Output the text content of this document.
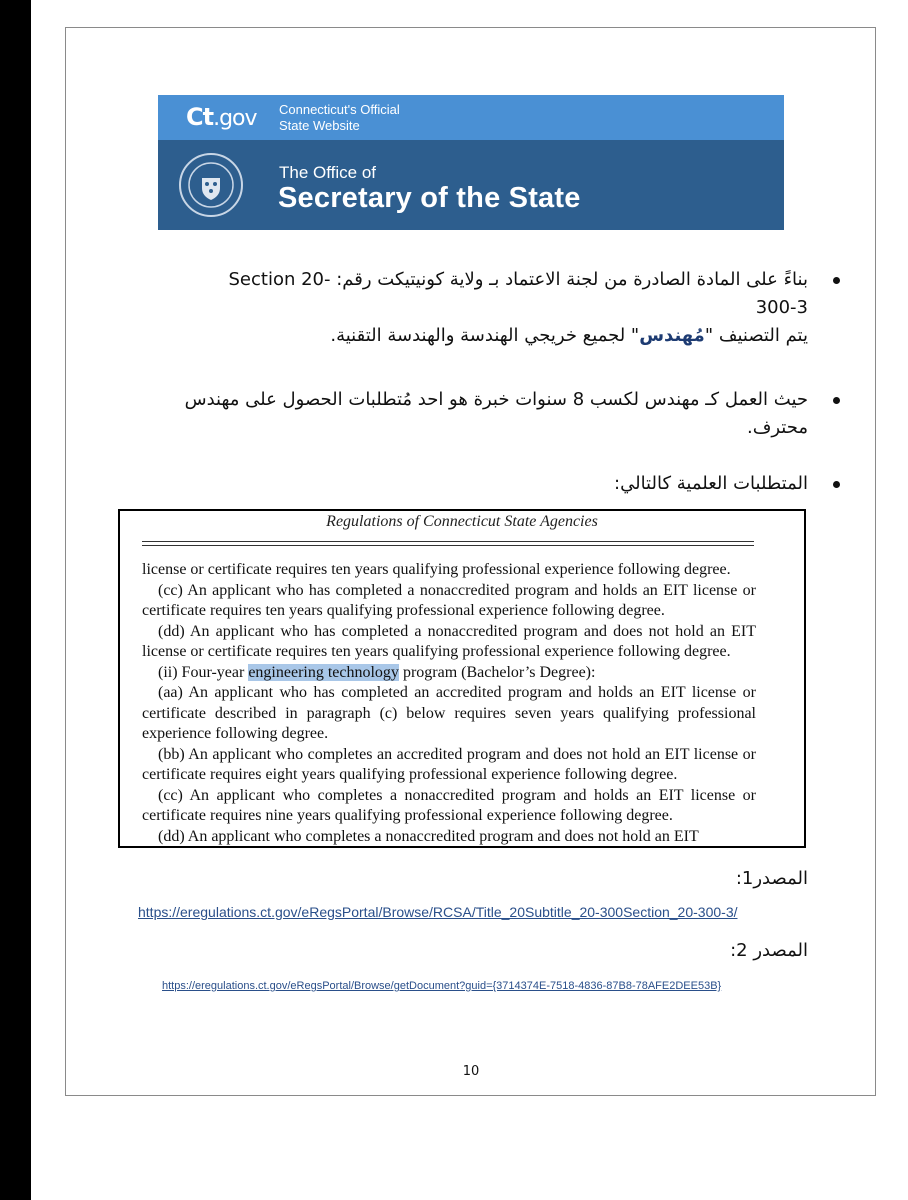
Ct.gov Connecticut's Official
State Website
The Office of
Secretary of the State
بناءً على المادة الصادرة من لجنة الاعتماد بـ ولاية كونيتيكت رقم: Section 20-
300-3
يتم التصنيف "مُهندس" لجميع خريجي الهندسة والهندسة التقنية.
حيث العمل كـ مهندس لكسب 8 سنوات خبرة هو احد مُتطلبات الحصول على مهندس محترف.
المتطلبات العلمية كالتالي:
Regulations of Connecticut State Agencies

license or certificate requires ten years qualifying professional experience following degree.

(cc) An applicant who has completed a nonaccredited program and holds an EIT license or certificate requires ten years qualifying professional experience following degree.

(dd) An applicant who has completed a nonaccredited program and does not hold an EIT license or certificate requires ten years qualifying professional experience following degree.

(ii) Four-year engineering technology program (Bachelor’s Degree):

(aa) An applicant who has completed an accredited program and holds an EIT license or certificate described in paragraph (c) below requires seven years qualifying professional experience following degree.

(bb) An applicant who completes an accredited program and does not hold an EIT license or certificate requires eight years qualifying professional experience following degree.

(cc) An applicant who completes a nonaccredited program and holds an EIT license or certificate requires nine years qualifying professional experience following degree.

(dd) An applicant who completes a nonaccredited program and does not hold an EIT

المصدر1:
https://eregulations.ct.gov/eRegsPortal/Browse/RCSA/Title_20Subtitle_20-300Section_20-300-3/
المصدر 2:
https://eregulations.ct.gov/eRegsPortal/Browse/getDocument?guid={3714374E-7518-4836-87B8-78AFE2DEE53B}
10
